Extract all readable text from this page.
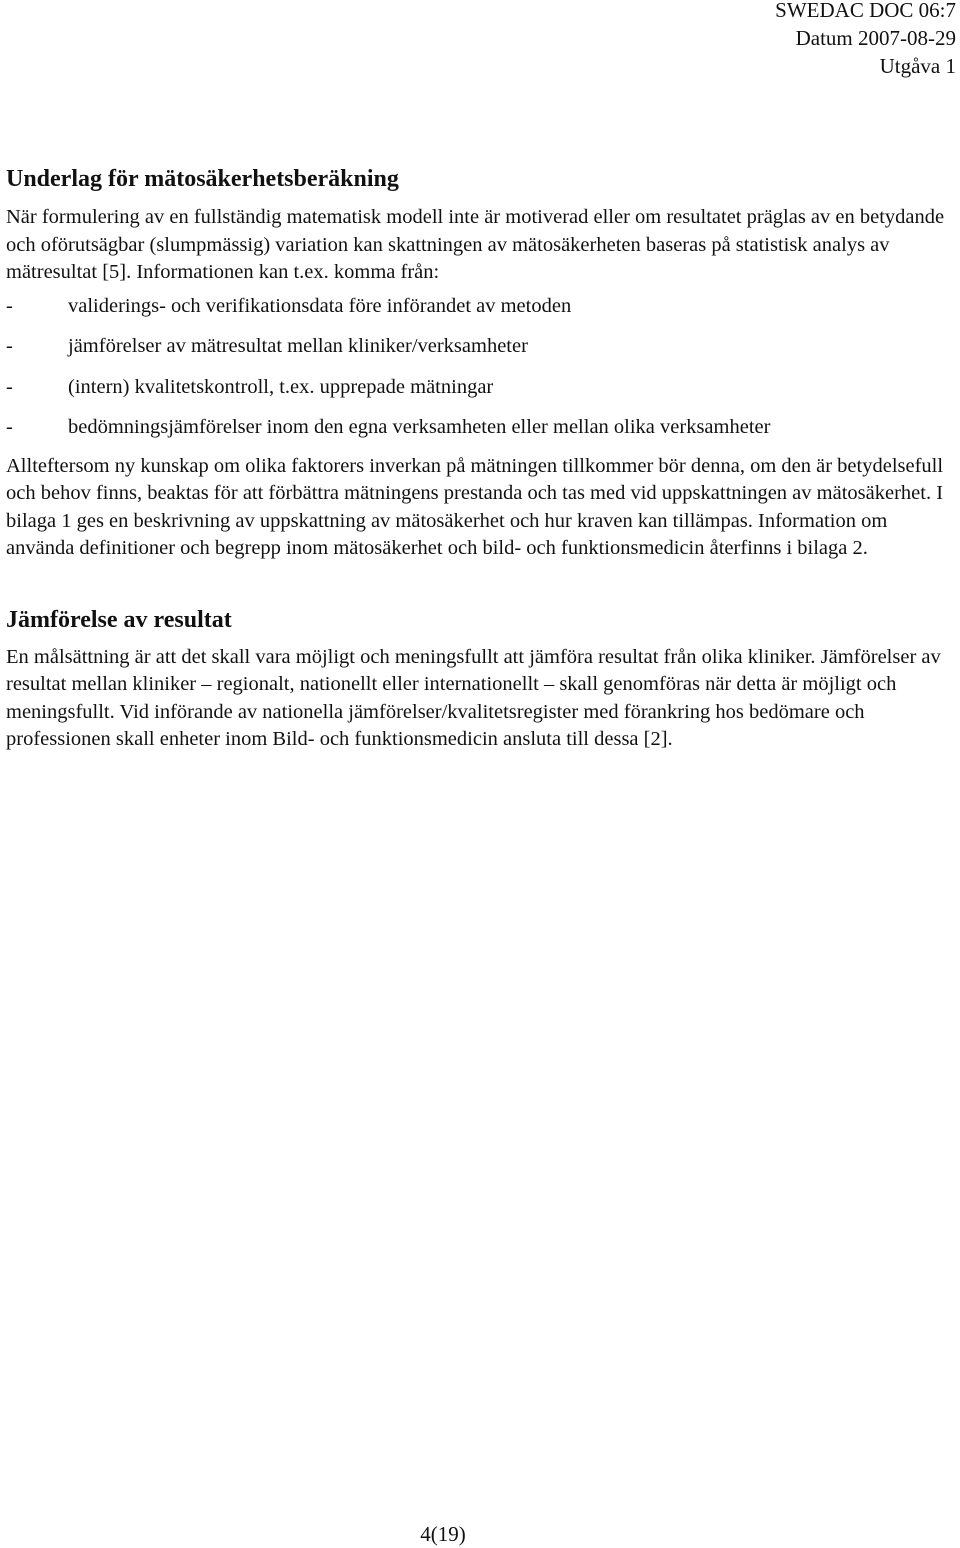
SWEDAC DOC 06:7
Datum 2007-08-29
Utgåva 1
Underlag för mätosäkerhetsberäkning

När formulering av en fullständig matematisk modell inte är motiverad eller om resultatet präglas av en betydande och oförutsägbar (slumpmässig) variation kan skattningen av mätosäkerheten baseras på statistisk analys av mätresultat [5]. Informationen kan t.ex. komma från:

-	validerings- och verifikationsdata före införandet av metoden
-	jämförelser av mätresultat mellan kliniker/verksamheter
-	(intern) kvalitetskontroll, t.ex. upprepade mätningar
-	bedömningsjämförelser inom den egna verksamheten eller mellan olika verksamheter

Allteftersom ny kunskap om olika faktorers inverkan på mätningen tillkommer bör denna, om den är betydelsefull och behov finns, beaktas för att förbättra mätningens prestanda och tas med vid uppskattningen av mätosäkerhet. I bilaga 1 ges en beskrivning av uppskattning av mätosäkerhet och hur kraven kan tillämpas. Information om använda definitioner och begrepp inom mätosäkerhet och bild- och funktionsmedicin återfinns i bilaga 2.

Jämförelse av resultat

En målsättning är att det skall vara möjligt och meningsfullt att jämföra resultat från olika kliniker. Jämförelser av resultat mellan kliniker – regionalt, nationellt eller internationellt – skall genomföras när detta är möjligt och meningsfullt. Vid införande av nationella jämförelser/kvalitetsregister med förankring hos bedömare och professionen skall enheter inom Bild- och funktionsmedicin ansluta till dessa [2].

4(19)
